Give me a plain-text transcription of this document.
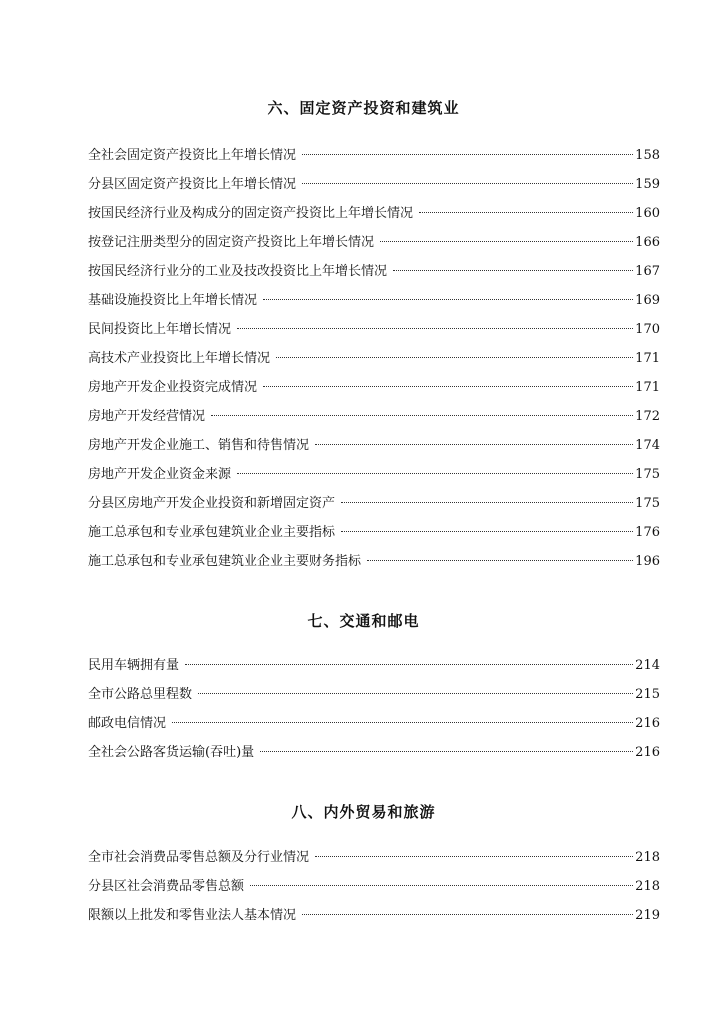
六、固定资产投资和建筑业
全社会固定资产投资比上年增长情况	158
分县区固定资产投资比上年增长情况	159
按国民经济行业及构成分的固定资产投资比上年增长情况	160
按登记注册类型分的固定资产投资比上年增长情况	166
按国民经济行业分的工业及技改投资比上年增长情况	167
基础设施投资比上年增长情况	169
民间投资比上年增长情况	170
高技术产业投资比上年增长情况	171
房地产开发企业投资完成情况	171
房地产开发经营情况	172
房地产开发企业施工、销售和待售情况	174
房地产开发企业资金来源	175
分县区房地产开发企业投资和新增固定资产	175
施工总承包和专业承包建筑业企业主要指标	176
施工总承包和专业承包建筑业企业主要财务指标	196
七、交通和邮电
民用车辆拥有量	214
全市公路总里程数	215
邮政电信情况	216
全社会公路客货运输(吞吐)量	216
八、内外贸易和旅游
全市社会消费品零售总额及分行业情况	218
分县区社会消费品零售总额	218
限额以上批发和零售业法人基本情况	219
